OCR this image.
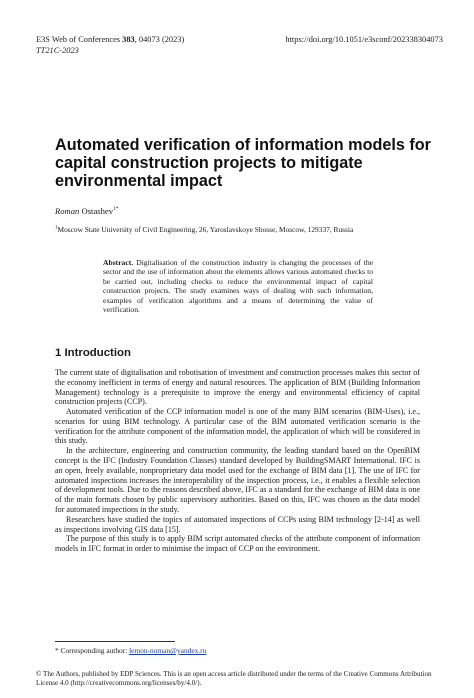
E3S Web of Conferences 383, 04073 (2023)	https://doi.org/10.1051/e3sconf/202338304073
TT21C-2023
Automated verification of information models for capital construction projects to mitigate environmental impact
Roman Ostashev$^{1*}$
$^1$Moscow State University of Civil Engineering, 26, Yaroslavskoye Shosse, Moscow, 129337, Russia
Abstract. Digitalisation of the construction industry is changing the processes of the sector and the use of information about the elements allows various automated checks to be carried out, including checks to reduce the environmental impact of capital construction projects. The study examines ways of dealing with such information, examples of verification algorithms and a means of determining the value of verification.
1 Introduction

The current state of digitalisation and robotisation of investment and construction processes makes this sector of the economy inefficient in terms of energy and natural resources. The application of BIM (Building Information Management) technology is a prerequisite to improve the energy and environmental efficiency of capital construction projects (CCP).

Automated verification of the CCP information model is one of the many BIM scenarios (BIM-Uses), i.e., scenarios for using BIM technology. A particular case of the BIM automated verification scenario is the verification for the attribute component of the information model, the application of which will be considered in this study.

In the architecture, engineering and construction community, the leading standard based on the OpenBIM concept is the IFC (Industry Foundation Classes) standard developed by BuildingSMART International. IFC is an open, freely available, nonproprietary data model used for the exchange of BIM data [1]. The use of IFC for automated inspections increases the interoperability of the inspection process, i.e., it enables a flexible selection of development tools. Due to the reasons described above, IFC as a standard for the exchange of BIM data is one of the main formats chosen by public supervisory authorities. Based on this, IFC was chosen as the data model for automated inspections in the study.

Researchers have studied the topics of automated inspections of CCPs using BIM technology [2-14] as well as inspections involving GIS data [15].

The purpose of this study is to apply BIM script automated checks of the attribute component of information models in IFC format in order to minimise the impact of CCP on the environment.

* Corresponding author: lemon-noman@yandex.ru
© The Authors, published by EDP Sciences. This is an open access article distributed under the terms of the Creative Commons Attribution License 4.0 (http://creativecommons.org/licenses/by/4.0/).
